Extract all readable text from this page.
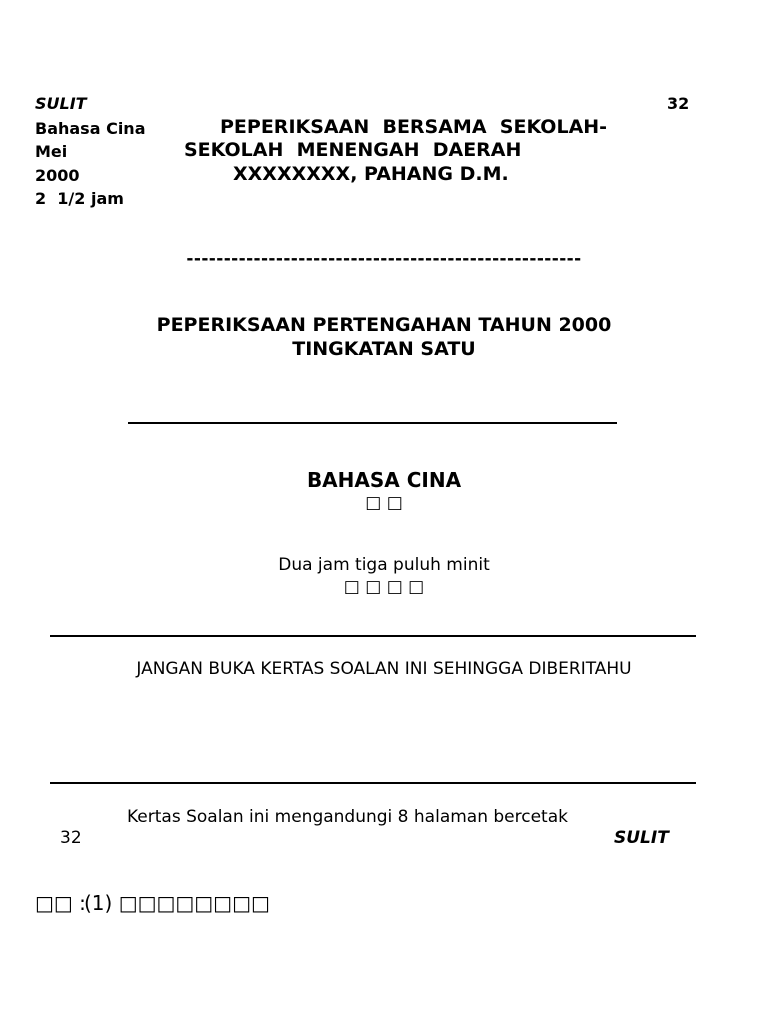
SULIT
Bahasa Cina
Mei
2000
2  1/2 jam
32
PEPERIKSAAN  BERSAMA  SEKOLAH-
SEKOLAH  MENENGAH  DAERAH
XXXXXXXX, PAHANG D.M.
-----------------------------------------------------
PEPERIKSAAN PERTENGAHAN TAHUN 2000
TINGKATAN SATU
BAHASA CINA
□ □
Dua jam tiga puluh minit
□ □ □ □
JANGAN BUKA KERTAS SOALAN INI SEHINGGA DIBERITAHU
Kertas Soalan ini mengandungi 8 halaman bercetak
32	SULIT
□□ :
(1) □□□□□□□□
